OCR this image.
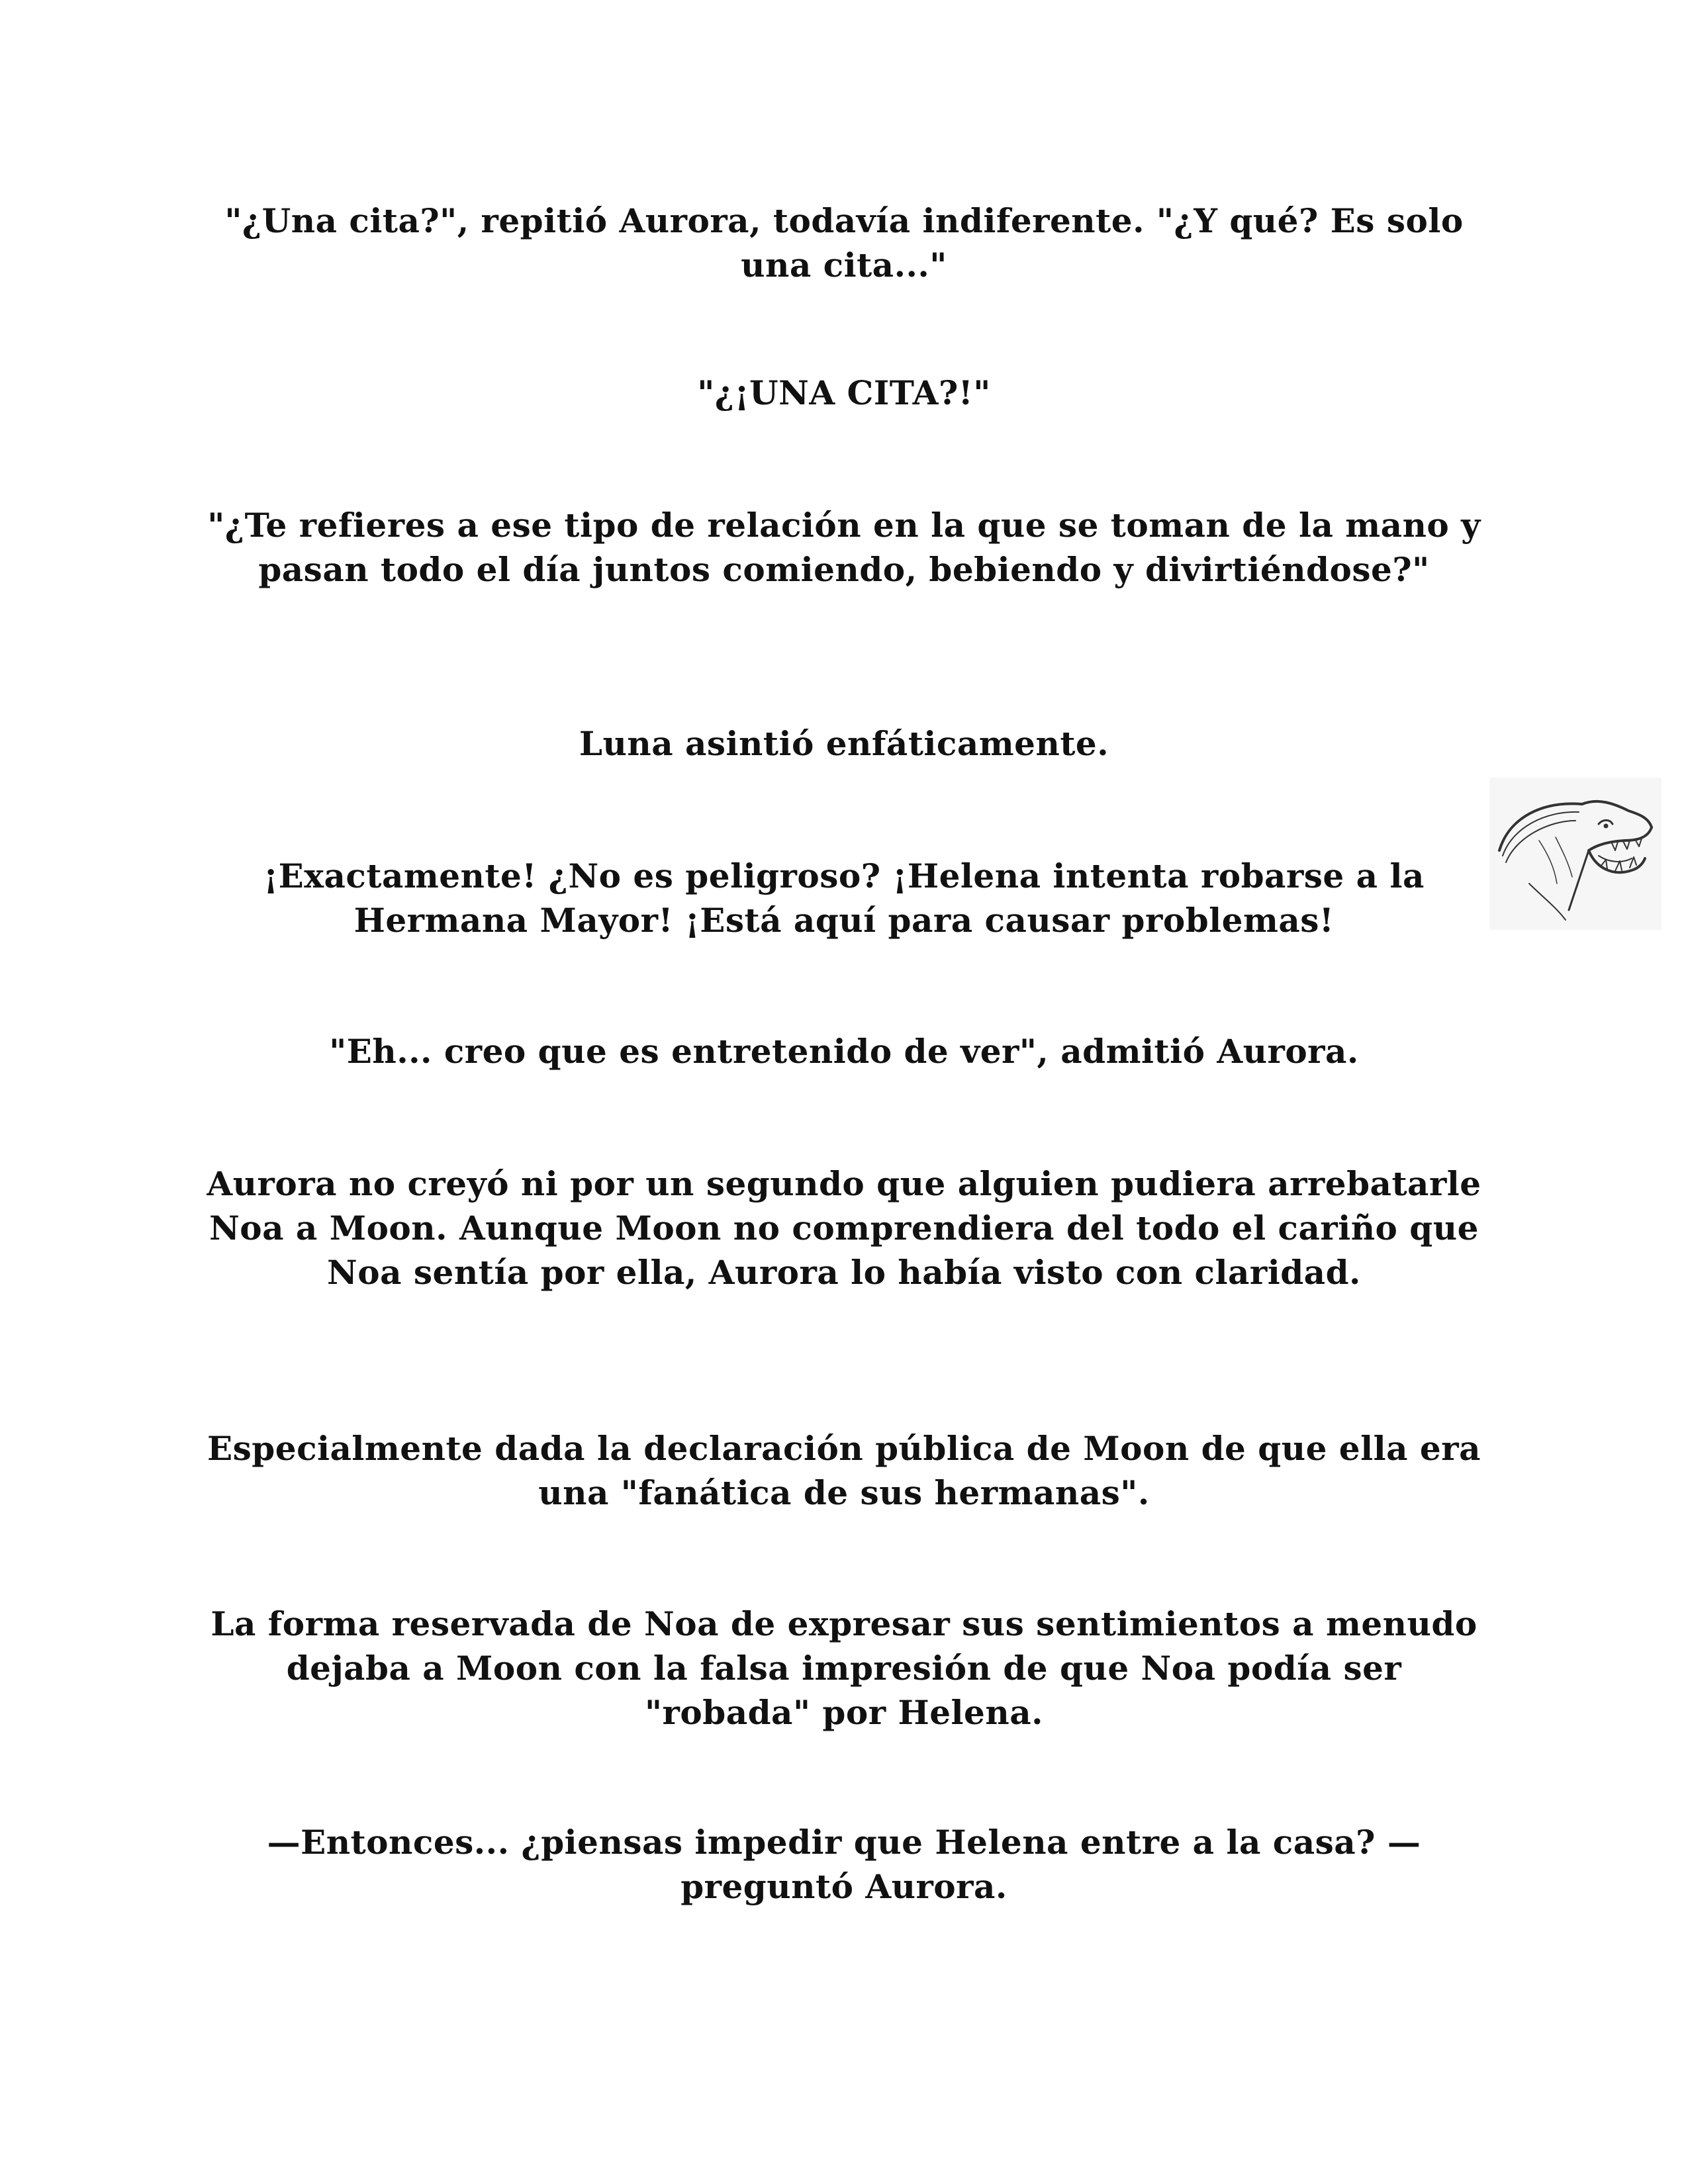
"¿Una cita?", repitió Aurora, todavía indiferente. "¿Y qué? Es solo una cita..."

"¿¡UNA CITA?!"

"¿Te refieres a ese tipo de relación en la que se toman de la mano y pasan todo el día juntos comiendo, bebiendo y divirtiéndose?"

Luna asintió enfáticamente.

¡Exactamente! ¿No es peligroso? ¡Helena intenta robarse a la Hermana Mayor! ¡Está aquí para causar problemas!

"Eh... creo que es entretenido de ver", admitió Aurora.

Aurora no creyó ni por un segundo que alguien pudiera arrebatarle Noa a Moon. Aunque Moon no comprendiera del todo el cariño que Noa sentía por ella, Aurora lo había visto con claridad.

Especialmente dada la declaración pública de Moon de que ella era una "fanática de sus hermanas".

La forma reservada de Noa de expresar sus sentimientos a menudo dejaba a Moon con la falsa impresión de que Noa podía ser "robada" por Helena.

—Entonces... ¿piensas impedir que Helena entre a la casa? —preguntó Aurora.
